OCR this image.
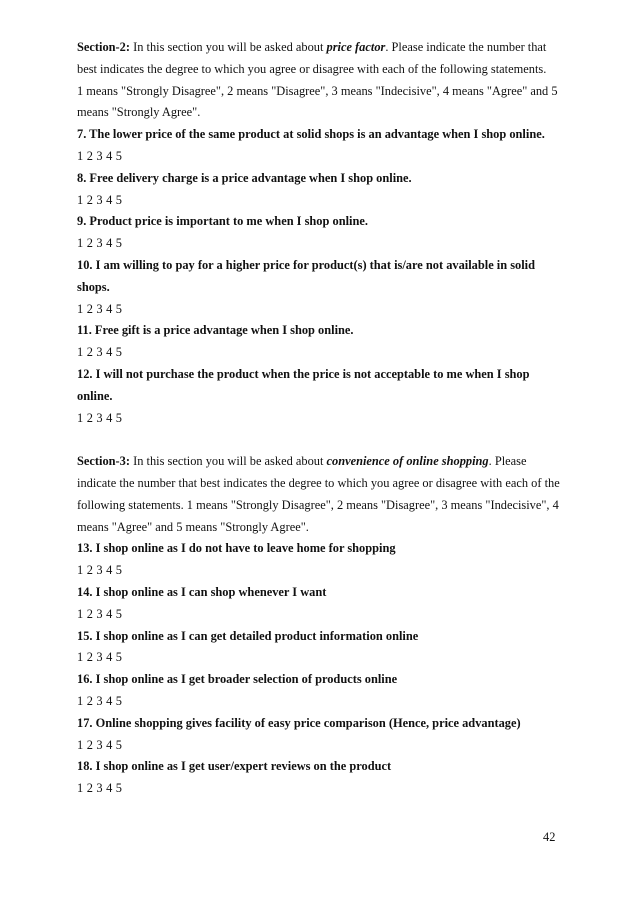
Section-2: In this section you will be asked about price factor. Please indicate the number that
best indicates the degree to which you agree or disagree with each of the following statements.
1 means "Strongly Disagree", 2 means "Disagree", 3 means "Indecisive", 4 means "Agree" and 5
means "Strongly Agree".
7. The lower price of the same product at solid shops is an advantage when I shop online.
1 2 3 4 5
8. Free delivery charge is a price advantage when I shop online.
1 2 3 4 5
9. Product price is important to me when I shop online.
1 2 3 4 5
10. I am willing to pay for a higher price for product(s) that is/are not available in solid
shops.
1 2 3 4 5
11. Free gift is a price advantage when I shop online.
1 2 3 4 5
12. I will not purchase the product when the price is not acceptable to me when I shop
online.
1 2 3 4 5
Section-3: In this section you will be asked about convenience of online shopping. Please
indicate the number that best indicates the degree to which you agree or disagree with each of the
following statements. 1 means "Strongly Disagree", 2 means "Disagree", 3 means "Indecisive", 4
means "Agree" and 5 means "Strongly Agree".
13. I shop online as I do not have to leave home for shopping
1 2 3 4 5
14. I shop online as I can shop whenever I want
1 2 3 4 5
15. I shop online as I can get detailed product information online
1 2 3 4 5
16. I shop online as I get broader selection of products online
1 2 3 4 5
17. Online shopping gives facility of easy price comparison (Hence, price advantage)
1 2 3 4 5
18. I shop online as I get user/expert reviews on the product
1 2 3 4 5
42
